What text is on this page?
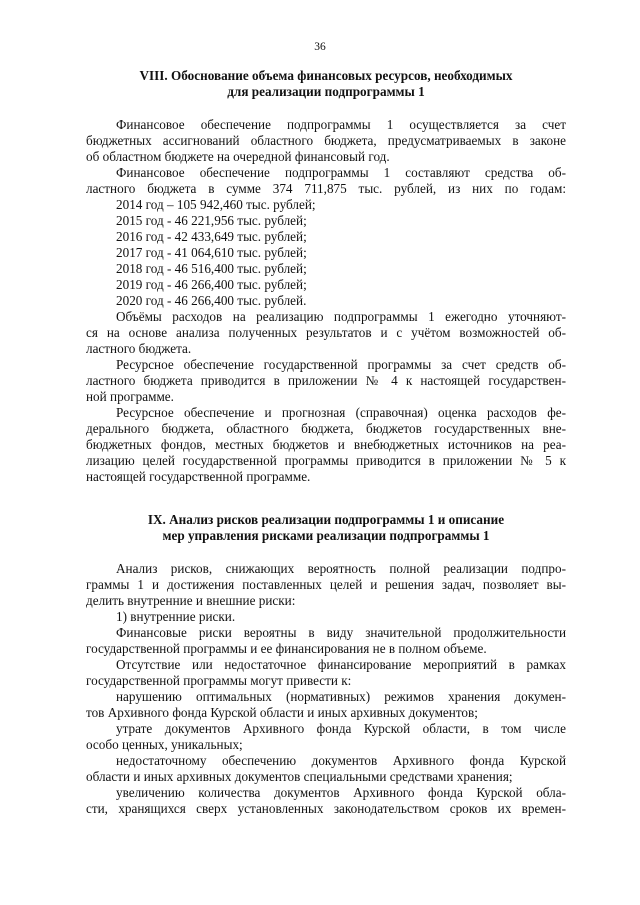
36
VIII. Обоснование объема финансовых ресурсов, необходимых
для реализации подпрограммы 1
Финансовое обеспечение подпрограммы 1 осуществляется за счет
бюджетных ассигнований областного бюджета, предусматриваемых в законе
об областном бюджете на очередной финансовый год.
Финансовое обеспечение подпрограммы 1 составляют средства об-
ластного бюджета в сумме 374 711,875 тыс. рублей, из них по годам:
2014 год – 105 942,460 тыс. рублей;
2015 год - 46 221,956 тыс. рублей;
2016 год - 42 433,649 тыс. рублей;
2017 год - 41 064,610 тыс. рублей;
2018 год - 46 516,400 тыс. рублей;
2019 год - 46 266,400 тыс. рублей;
2020 год - 46 266,400 тыс. рублей.
Объёмы расходов на реализацию подпрограммы 1 ежегодно уточняют-
ся на основе анализа полученных результатов и с учётом возможностей об-
ластного бюджета.
Ресурсное обеспечение государственной программы за счет средств об-
ластного бюджета приводится в приложении № 4 к настоящей государствен-
ной программе.
Ресурсное обеспечение и прогнозная (справочная) оценка расходов фе-
дерального бюджета, областного бюджета, бюджетов государственных вне-
бюджетных фондов, местных бюджетов и внебюджетных источников на реа-
лизацию целей государственной программы приводится в приложении № 5 к
настоящей государственной программе.
IX. Анализ рисков реализации подпрограммы 1 и описание
мер управления рисками реализации подпрограммы 1
Анализ рисков, снижающих вероятность полной реализации подпро-
граммы 1 и достижения поставленных целей и решения задач, позволяет вы-
делить внутренние и внешние риски:
1) внутренние риски.
Финансовые риски вероятны в виду значительной продолжительности
государственной программы и ее финансирования не в полном объеме.
Отсутствие или недостаточное финансирование мероприятий в рамках
государственной программы могут привести к:
нарушению оптимальных (нормативных) режимов хранения докумен-
тов Архивного фонда Курской области и иных архивных документов;
утрате документов Архивного фонда Курской области, в том числе
особо ценных, уникальных;
недостаточному обеспечению документов Архивного фонда Курской
области и иных архивных документов специальными средствами хранения;
увеличению количества документов Архивного фонда Курской обла-
сти, хранящихся сверх установленных законодательством сроков их времен-
